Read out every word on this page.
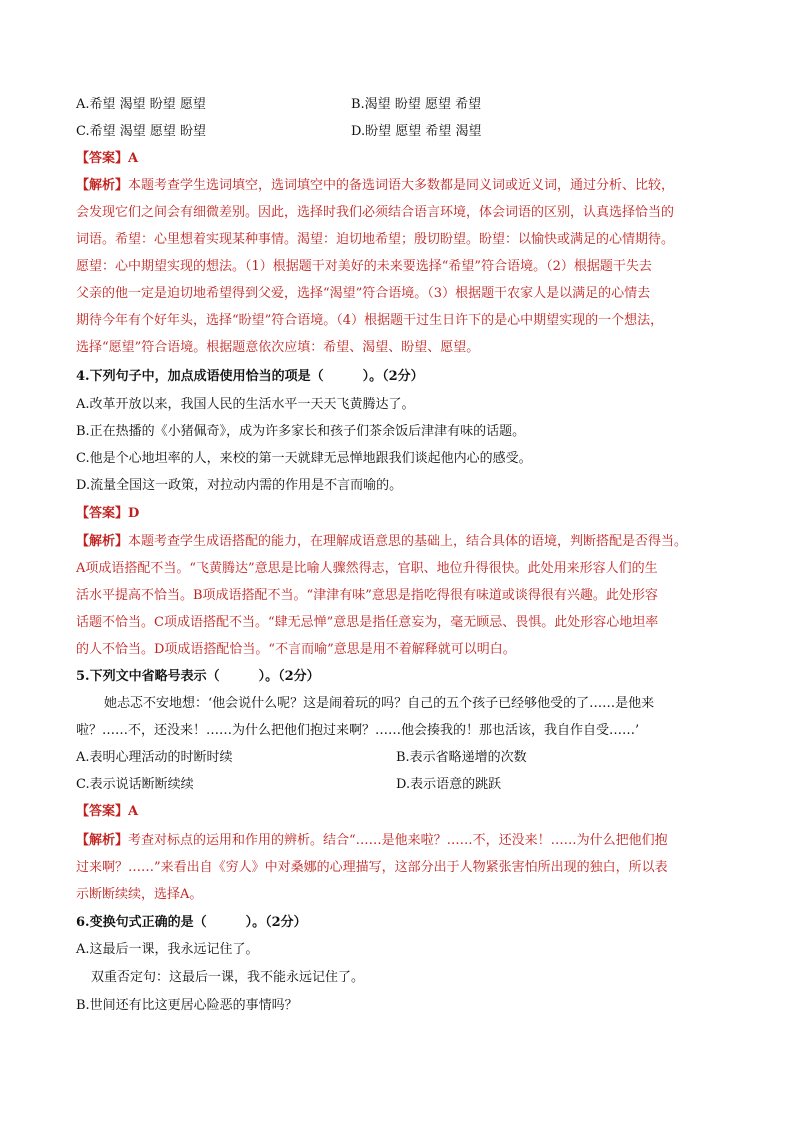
A.希望 渴望 盼望 愿望	B.渴望 盼望 愿望 希望
C.希望 渴望 愿望 盼望	D.盼望 愿望 希望 渴望
【答案】A
【解析】本题考查学生选词填空，选词填空中的备选词语大多数都是同义词或近义词，通过分析、比较，
会发现它们之间会有细微差别。因此，选择时我们必须结合语言环境，体会词语的区别，认真选择恰当的
词语。希望：心里想着实现某种事情。渴望：迫切地希望；殷切盼望。盼望：以愉快或满足的心情期待。
愿望：心中期望实现的想法。（1）根据题干对美好的未来要选择“希望”符合语境。（2）根据题干失去
父亲的他一定是迫切地希望得到父爱，选择“渴望”符合语境。（3）根据题干农家人是以满足的心情去
期待今年有个好年头，选择“盼望”符合语境。（4）根据题干过生日许下的是心中期望实现的一个想法，
选择“愿望”符合语境。根据题意依次应填：希望、渴望、盼望、愿望。
4.下列句子中，加点成语使用恰当的项是（　　　）。（2分）
A.改革开放以来，我国人民的生活水平一天天飞黄腾达了。
B.正在热播的《小猪佩奇》，成为许多家长和孩子们茶余饭后津津有味的话题。
C.他是个心地坦率的人，来校的第一天就肆无忌惮地跟我们谈起他内心的感受。
D.流量全国这一政策，对拉动内需的作用是不言而喻的。
【答案】D
【解析】本题考查学生成语搭配的能力，在理解成语意思的基础上，结合具体的语境，判断搭配是否得当。
A项成语搭配不当。“飞黄腾达”意思是比喻人骤然得志，官职、地位升得很快。此处用来形容人们的生
活水平提高不恰当。B项成语搭配不当。“津津有味”意思是指吃得很有味道或谈得很有兴趣。此处形容
话题不恰当。C项成语搭配不当。“肆无忌惮”意思是指任意妄为，毫无顾忌、畏惧。此处形容心地坦率
的人不恰当。D项成语搭配恰当。“不言而喻”意思是用不着解释就可以明白。
5.下列文中省略号表示（　　　）。（2分）
她忐忑不安地想：‘他会说什么呢？这是闹着玩的吗？自己的五个孩子已经够他受的了……是他来
啦？……不，还没来！……为什么把他们抱过来啊？……他会揍我的！那也活该，我自作自受……’
A.表明心理活动的时断时续	B.表示省略递增的次数
C.表示说话断断续续	D.表示语意的跳跃
【答案】A
【解析】考查对标点的运用和作用的辨析。结合“……是他来啦？……不，还没来！……为什么把他们抱
过来啊？……”来看出自《穷人》中对桑娜的心理描写，这部分出于人物紧张害怕所出现的独白，所以表
示断断续续，选择A。
6.变换句式正确的是（　　　）。（2分）
A.这最后一课，我永远记住了。
双重否定句：这最后一课，我不能永远记住了。
B.世间还有比这更居心险恶的事情吗？
